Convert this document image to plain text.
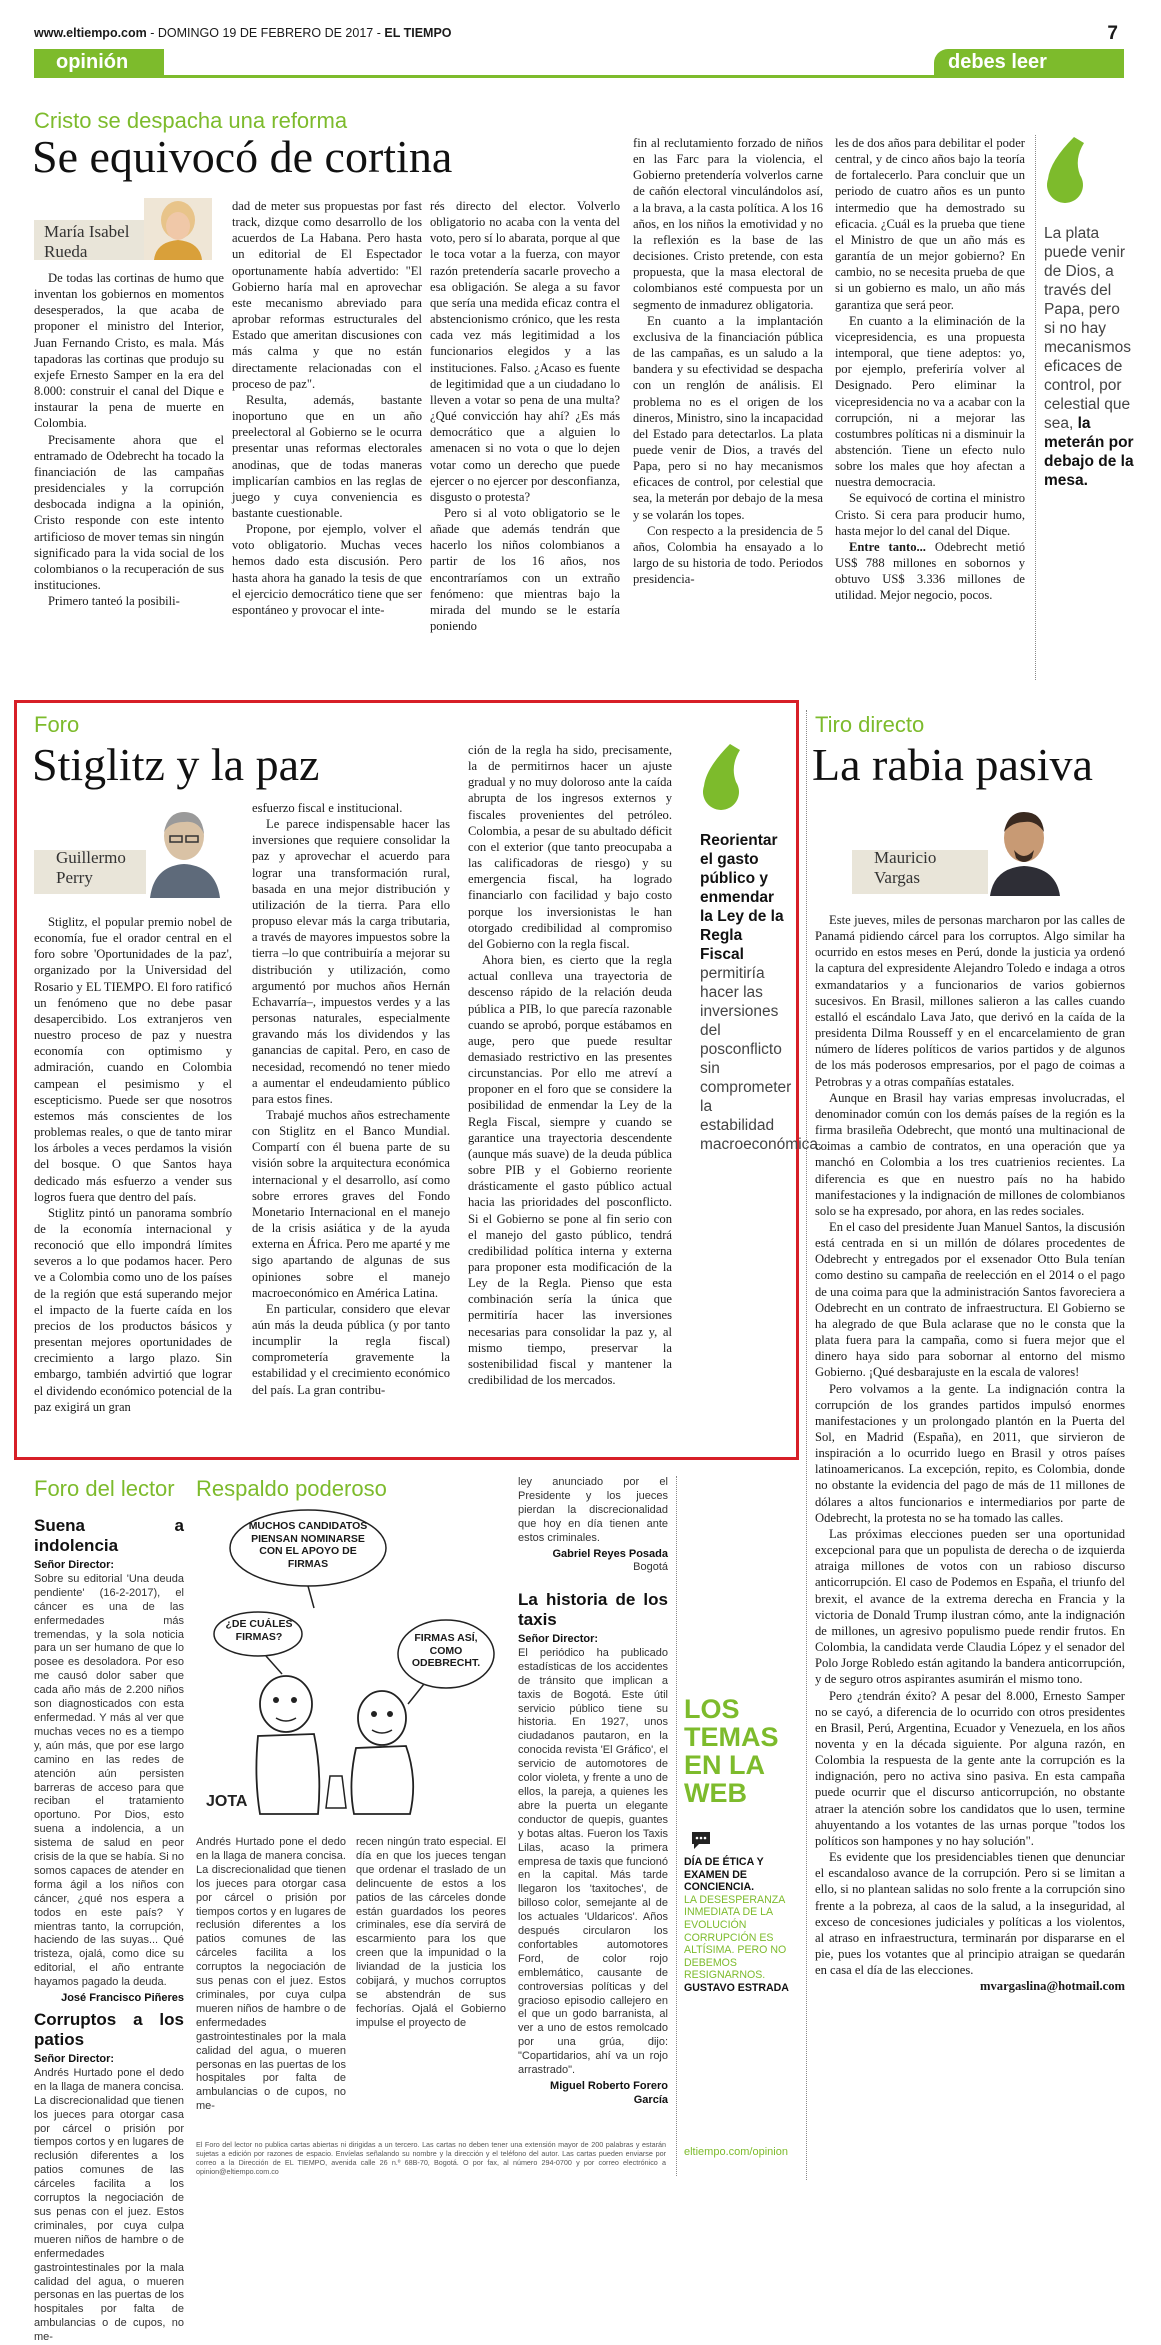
www.eltiempo.com - DOMINGO 19 DE FEBRERO DE 2017 - EL TIEMPO	7
opinión	debes leer
Cristo se despacha una reforma
Se equivocó de cortina
María Isabel Rueda

De todas las cortinas de humo que inventan los gobiernos en momentos desesperados, la que acaba de proponer el ministro del Interior, Juan Fernando Cristo, es mala. Más tapadoras las cortinas que produjo su exjefe Ernesto Samper en la era del 8.000: construir el canal del Dique e instaurar la pena de muerte en Colombia.

Precisamente ahora que el entramado de Odebrecht ha tocado la financiación de las campañas presidenciales y la corrupción desbocada indigna a la opinión, Cristo responde con este intento artificioso de mover temas sin ningún significado para la vida social de los colombianos o la recuperación de sus instituciones.

Primero tanteó la posibili-

dad de meter sus propuestas por fast track, dizque como desarrollo de los acuerdos de La Habana. Pero hasta un editorial de El Espectador oportunamente había advertido: "El Gobierno haría mal en aprovechar este mecanismo abreviado para aprobar reformas estructurales del Estado que ameritan discusiones con más calma y que no están directamente relacionadas con el proceso de paz".

Resulta, además, bastante inoportuno que en un año preelectoral al Gobierno se le ocurra presentar unas reformas electorales anodinas, que de todas maneras implicarían cambios en las reglas de juego y cuya conveniencia es bastante cuestionable.

Propone, por ejemplo, volver el voto obligatorio. Muchas veces hemos dado esta discusión. Pero hasta ahora ha ganado la tesis de que el ejercicio democrático tiene que ser espontáneo y provocar el inte-

rés directo del elector. Volverlo obligatorio no acaba con la venta del voto, pero sí lo abarata, porque al que le toca votar a la fuerza, con mayor razón pretendería sacarle provecho a esa obligación. Se alega a su favor que sería una medida eficaz contra el abstencionismo crónico, que les resta cada vez más legitimidad a los funcionarios elegidos y a las instituciones. Falso. ¿Acaso es fuente de legitimidad que a un ciudadano lo lleven a votar so pena de una multa? ¿Qué convicción hay ahí? ¿Es más democrático que a alguien lo amenacen si no vota o que lo dejen votar como un derecho que puede ejercer o no ejercer por desconfianza, disgusto o protesta?

Pero si al voto obligatorio se le añade que además tendrán que hacerlo los niños colombianos a partir de los 16 años, nos encontraríamos con un extraño fenómeno: que mientras bajo la mirada del mundo se le estaría poniendo

fin al reclutamiento forzado de niños en las Farc para la violencia, el Gobierno pretendería volverlos carne de cañón electoral vinculándolos así, a la brava, a la casta política. A los 16 años, en los niños la emotividad y no la reflexión es la base de las decisiones. Cristo pretende, con esta propuesta, que la masa electoral de colombianos esté compuesta por un segmento de inmadurez obligatoria.

En cuanto a la implantación exclusiva de la financiación pública de las campañas, es un saludo a la bandera y su efectividad se despacha con un renglón de análisis. El problema no es el origen de los dineros, Ministro, sino la incapacidad del Estado para detectarlos. La plata puede venir de Dios, a través del Papa, pero si no hay mecanismos eficaces de control, por celestial que sea, la meterán por debajo de la mesa y se volarán los topes.

Con respecto a la presidencia de 5 años, Colombia ha ensayado a lo largo de su historia de todo. Periodos presidencia-

les de dos años para debilitar el poder central, y de cinco años bajo la teoría de fortalecerlo. Para concluir que un periodo de cuatro años es un punto intermedio que ha demostrado su eficacia. ¿Cuál es la prueba que tiene el Ministro de que un año más es garantía de un mejor gobierno? En cambio, no se necesita prueba de que si un gobierno es malo, un año más garantiza que será peor.

En cuanto a la eliminación de la vicepresidencia, es una propuesta intemporal, que tiene adeptos: yo, por ejemplo, preferiría volver al Designado. Pero eliminar la vicepresidencia no va a acabar con la corrupción, ni a mejorar las costumbres políticas ni a disminuir la abstención. Tiene un efecto nulo sobre los males que hoy afectan a nuestra democracia.

Se equivocó de cortina el ministro Cristo. Si cera para producir humo, hasta mejor lo del canal del Dique.

Entre tanto... Odebrecht metió US$ 788 millones en sobornos y obtuvo US$ 3.336 millones de utilidad. Mejor negocio, pocos.

La plata puede venir de Dios, a través del Papa, pero si no hay mecanismos eficaces de control, por celestial que sea, la meterán por debajo de la mesa.
Foro
Stiglitz y la paz
Guillermo Perry

Stiglitz, el popular premio nobel de economía, fue el orador central en el foro sobre 'Oportunidades de la paz', organizado por la Universidad del Rosario y EL TIEMPO. El foro ratificó un fenómeno que no debe pasar desapercibido. Los extranjeros ven nuestro proceso de paz y nuestra economía con optimismo y admiración, cuando en Colombia campean el pesimismo y el escepticismo. Puede ser que nosotros estemos más conscientes de los problemas reales, o que de tanto mirar los árboles a veces perdamos la visión del bosque. O que Santos haya dedicado más esfuerzo a vender sus logros fuera que dentro del país.

Stiglitz pintó un panorama sombrío de la economía internacional y reconoció que ello impondrá límites severos a lo que podamos hacer. Pero ve a Colombia como uno de los países de la región que está superando mejor el impacto de la fuerte caída en los precios de los productos básicos y presentan mejores oportunidades de crecimiento a largo plazo. Sin embargo, también advirtió que lograr el dividendo económico potencial de la paz exigirá un gran

esfuerzo fiscal e institucional.

Le parece indispensable hacer las inversiones que requiere consolidar la paz y aprovechar el acuerdo para lograr una transformación rural, basada en una mejor distribución y utilización de la tierra. Para ello propuso elevar más la carga tributaria, a través de mayores impuestos sobre la tierra –lo que contribuiría a mejorar su distribución y utilización, como argumentó por muchos años Hernán Echavarría–, impuestos verdes y a las personas naturales, especialmente gravando más los dividendos y las ganancias de capital. Pero, en caso de necesidad, recomendó no tener miedo a aumentar el endeudamiento público para estos fines.

Trabajé muchos años estrechamente con Stiglitz en el Banco Mundial. Compartí con él buena parte de su visión sobre la arquitectura económica internacional y el desarrollo, así como sobre errores graves del Fondo Monetario Internacional en el manejo de la crisis asiática y de la ayuda externa en África. Pero me aparté y me sigo apartando de algunas de sus opiniones sobre el manejo macroeconómico en América Latina.

En particular, considero que elevar aún más la deuda pública (y por tanto incumplir la regla fiscal) comprometería gravemente la estabilidad y el crecimiento económico del país. La gran contribu-

ción de la regla ha sido, precisamente, la de permitirnos hacer un ajuste gradual y no muy doloroso ante la caída abrupta de los ingresos externos y fiscales provenientes del petróleo. Colombia, a pesar de su abultado déficit con el exterior (que tanto preocupaba a las calificadoras de riesgo) y su emergencia fiscal, ha logrado financiarlo con facilidad y bajo costo porque los inversionistas le han otorgado credibilidad al compromiso del Gobierno con la regla fiscal.

Ahora bien, es cierto que la regla actual conlleva una trayectoria de descenso rápido de la relación deuda pública a PIB, lo que parecía razonable cuando se aprobó, porque estábamos en auge, pero que puede resultar demasiado restrictivo en las presentes circunstancias. Por ello me atreví a proponer en el foro que se considere la posibilidad de enmendar la Ley de la Regla Fiscal, siempre y cuando se garantice una trayectoria descendente (aunque más suave) de la deuda pública sobre PIB y el Gobierno reoriente drásticamente el gasto público actual hacia las prioridades del posconflicto. Si el Gobierno se pone al fin serio con el manejo del gasto público, tendrá credibilidad política interna y externa para proponer esta modificación de la Ley de la Regla. Pienso que esta combinación sería la única que permitiría hacer las inversiones necesarias para consolidar la paz y, al mismo tiempo, preservar la sostenibilidad fiscal y mantener la credibilidad de los mercados.

Reorientar el gasto público y enmendar la Ley de la Regla Fiscal permitiría hacer las inversiones del posconflicto sin comprometer la estabilidad macroeconómica.
Tiro directo
La rabia pasiva
Mauricio Vargas

Este jueves, miles de personas marcharon por las calles de Panamá pidiendo cárcel para los corruptos. Algo similar ha ocurrido en estos meses en Perú, donde la justicia ya ordenó la captura del expresidente Alejandro Toledo e indaga a otros exmandatarios y a funcionarios de varios gobiernos sucesivos. En Brasil, millones salieron a las calles cuando estalló el escándalo Lava Jato, que derivó en la caída de la presidenta Dilma Rousseff y en el encarcelamiento de gran número de líderes políticos de varios partidos y de algunos de los más poderosos empresarios, por el pago de coimas a Petrobras y a otras compañías estatales.

Aunque en Brasil hay varias empresas involucradas, el denominador común con los demás países de la región es la firma brasileña Odebrecht, que montó una multinacional de coimas a cambio de contratos, en una operación que ya manchó en Colombia a los tres cuatrienios recientes. La diferencia es que en nuestro país no ha habido manifestaciones y la indignación de millones de colombianos solo se ha expresado, por ahora, en las redes sociales.

En el caso del presidente Juan Manuel Santos, la discusión está centrada en si un millón de dólares procedentes de Odebrecht y entregados por el exsenador Otto Bula tenían como destino su campaña de reelección en el 2014 o el pago de una coima para que la administración Santos favoreciera a Odebrecht en un contrato de infraestructura. El Gobierno se ha alegrado de que Bula aclarase que no le consta que la plata fuera para la campaña, como si fuera mejor que el dinero haya sido para sobornar al entorno del mismo Gobierno. ¡Qué desbarajuste en la escala de valores!

Pero volvamos a la gente. La indignación contra la corrupción de los grandes partidos impulsó enormes manifestaciones y un prolongado plantón en la Puerta del Sol, en Madrid (España), en 2011, que sirvieron de inspiración a lo ocurrido luego en Brasil y otros países latinoamericanos. La excepción, repito, es Colombia, donde no obstante la evidencia del pago de más de 11 millones de dólares a altos funcionarios e intermediarios por parte de Odebrecht, la protesta no se ha tomado las calles.

Las próximas elecciones pueden ser una oportunidad excepcional para que un populista de derecha o de izquierda atraiga millones de votos con un rabioso discurso anticorrupción. El caso de Podemos en España, el triunfo del brexit, el avance de la extrema derecha en Francia y la victoria de Donald Trump ilustran cómo, ante la indignación de millones, un agresivo populismo puede rendir frutos. En Colombia, la candidata verde Claudia López y el senador del Polo Jorge Robledo están agitando la bandera anticorrupción, y de seguro otros aspirantes asumirán el mismo tono.

Pero ¿tendrán éxito? A pesar del 8.000, Ernesto Samper no se cayó, a diferencia de lo ocurrido con otros presidentes en Brasil, Perú, Argentina, Ecuador y Venezuela, en los años noventa y en la década siguiente. Por alguna razón, en Colombia la respuesta de la gente ante la corrupción es la indignación, pero no activa sino pasiva. En esta campaña puede ocurrir que el discurso anticorrupción, no obstante atraer la atención sobre los candidatos que lo usen, termine ahuyentando a los votantes de las urnas porque "todos los políticos son hampones y no hay solución".

Es evidente que los presidenciables tienen que denunciar el escandaloso avance de la corrupción. Pero si se limitan a ello, si no plantean salidas no solo frente a la corrupción sino frente a la pobreza, al caos de la salud, a la inseguridad, al exceso de concesiones judiciales y políticas a los violentos, al atraso en infraestructura, terminarán por dispararse en el pie, pues los votantes que al principio atraigan se quedarán en casa el día de las elecciones.

mvargaslina@hotmail.com

Foro del lector
Suena a indolencia
Señor Director:
Sobre su editorial 'Una deuda pendiente' (16-2-2017), el cáncer es una de las enfermedades más tremendas, y la sola noticia para un ser humano de que lo posee es desoladora. Por eso me causó dolor saber que cada año más de 2.200 niños son diagnosticados con esta enfermedad. Y más al ver que muchas veces no es a tiempo y, aún más, que por ese largo camino en las redes de atención aún persisten barreras de acceso para que reciban el tratamiento oportuno. Por Dios, esto suena a indolencia, a un sistema de salud en peor crisis de la que se había. Si no somos capaces de atender en forma ágil a los niños con cáncer, ¿qué nos espera a todos en este país? Y mientras tanto, la corrupción, haciendo de las suyas... Qué tristeza, ojalá, como dice su editorial, el año entrante hayamos pagado la deuda.
José Francisco Piñeres
Corruptos a los patios
Señor Director:
Andrés Hurtado pone el dedo en la llaga de manera concisa. La discrecionalidad que tienen los jueces para otorgar casa por cárcel o prisión por tiempos cortos y en lugares de reclusión diferentes a los patios comunes de las cárceles facilita a los corruptos la negociación de sus penas con el juez. Estos criminales, por cuya culpa mueren niños de hambre o de enfermedades gastrointestinales por la mala calidad del agua, o mueren personas en las puertas de los hospitales por falta de ambulancias o de cupos, no me-
Respaldo poderoso
MUCHOS CANDIDATOS PIENSAN NOMINARSE CON EL APOYO DE FIRMAS
¿DE CUÁLES FIRMAS?	FIRMAS ASÍ, COMO ODEBRECHT.
JOTA
Andrés Hurtado pone el dedo en la llaga de manera concisa. La discrecionalidad que tienen los jueces para otorgar casa por cárcel o prisión por tiempos cortos y en lugares de reclusión diferentes a los patios comunes de las cárceles facilita a los corruptos la negociación de sus penas con el juez. Estos criminales, por cuya culpa mueren niños de hambre o de enfermedades gastrointestinales por la mala calidad del agua, o mueren personas en las puertas de los hospitales por falta de ambulancias o de cupos, no me-
recen ningún trato especial. El día en que los jueces tengan que ordenar el traslado de un delincuente de estos a los patios de las cárceles donde están guardados los peores criminales, ese día servirá de escarmiento para los que creen que la impunidad o la liviandad de la justicia los cobijará, y muchos corruptos se abstendrán de sus fechorías. Ojalá el Gobierno impulse el proyecto de
ley anunciado por el Presidente y los jueces pierdan la discrecionalidad que hoy en día tienen ante estos criminales.
Gabriel Reyes Posada
Bogotá
La historia de los taxis
Señor Director:
El periódico ha publicado estadísticas de los accidentes de tránsito que implican a taxis de Bogotá. Este útil servicio público tiene su historia. En 1927, unos ciudadanos pautaron, en la conocida revista 'El Gráfico', el servicio de automotores de color violeta, y frente a uno de ellos, la pareja, a quienes les abre la puerta un elegante conductor de quepis, guantes y botas altas. Fueron los Taxis Lilas, acaso la primera empresa de taxis que funcionó en la capital. Más tarde llegaron los 'taxitoches', de billoso color, semejante al de los actuales 'Uldaricos'. Años después circularon los confortables automotores Ford, de color rojo emblemático, causante de controversias políticas y del gracioso episodio callejero en el que un godo barranista, al ver a uno de estos remolcado por una grúa, dijo: "Copartidarios, ahí va un rojo arrastrado".
Miguel Roberto Forero García
El Foro del lector no publica cartas abiertas ni dirigidas a un tercero. Las cartas no deben tener una extensión mayor de 200 palabras y estarán sujetas a edición por razones de espacio. Envíelas señalando su nombre y la dirección y el teléfono del autor. Las cartas pueden enviarse por correo a la Dirección de EL TIEMPO, avenida calle 26 n.º 68B-70, Bogotá. O por fax, al número 294-0700 y por correo electrónico a opinion@eltiempo.com.co
LOS
TEMAS
EN LA
WEB
DÍA DE ÉTICA Y EXAMEN DE CONCIENCIA.
LA DESESPERANZA INMEDIATA DE LA EVOLUCIÓN CORRUPCIÓN ES ALTÍSIMA. PERO NO DEBEMOS RESIGNARNOS.
GUSTAVO ESTRADA
eltiempo.com/opinion
